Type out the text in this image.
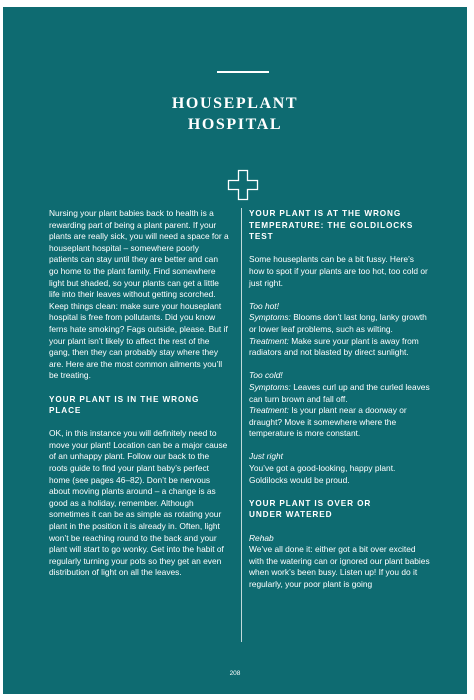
HOUSEPLANT
HOSPITAL

Nursing your plant babies back to health is a rewarding part of being a plant parent. If your plants are really sick, you will need a space for a houseplant hospital – somewhere poorly patients can stay until they are better and can go home to the plant family. Find somewhere light but shaded, so your plants can get a little life into their leaves without getting scorched. Keep things clean: make sure your houseplant hospital is free from pollutants. Did you know ferns hate smoking? Fags outside, please. But if your plant isn’t likely to affect the rest of the gang, then they can probably stay where they are. Here are the most common ailments you’ll be treating.

YOUR PLANT IS IN THE WRONG PLACE

OK, in this instance you will definitely need to move your plant! Location can be a major cause of an unhappy plant. Follow our back to the roots guide to find your plant baby’s perfect home (see pages 46–82). Don’t be nervous about moving plants around – a change is as good as a holiday, remember. Although sometimes it can be as simple as rotating your plant in the position it is already in. Often, light won’t be reaching round to the back and your plant will start to go wonky. Get into the habit of regularly turning your pots so they get an even distribution of light on all the leaves.

YOUR PLANT IS AT THE WRONG
TEMPERATURE: THE GOLDILOCKS TEST

Some houseplants can be a bit fussy. Here’s how to spot if your plants are too hot, too cold or just right.

Too hot!

Symptoms: Blooms don’t last long, lanky growth or lower leaf problems, such as wilting.

Treatment: Make sure your plant is away from radiators and not blasted by direct sunlight.

Too cold!

Symptoms: Leaves curl up and the curled leaves can turn brown and fall off.

Treatment: Is your plant near a doorway or draught? Move it somewhere where the temperature is more constant.

Just right

You’ve got a good-looking, happy plant. Goldilocks would be proud.

YOUR PLANT IS OVER OR
UNDER WATERED

Rehab

We’ve all done it: either got a bit over excited with the watering can or ignored our plant babies when work’s been busy. Listen up! If you do it regularly, your poor plant is going

208
